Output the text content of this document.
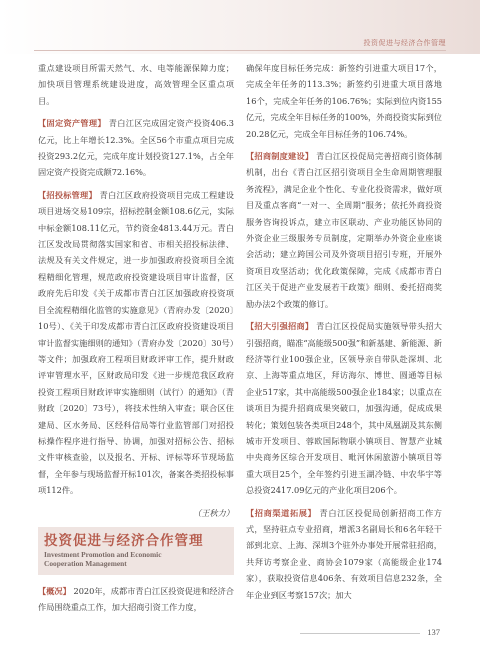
投资促进与经济合作管理

重点建设项目所需天然气、水、电等能源保障力度；加快项目管理系统建设进度，高效管理全区重点项目。

【固定资产管理】 青白江区完成固定资产投资406.3亿元，比上年增长12.3%。全区56个市重点项目完成投资293.2亿元，完成年度计划投资127.1%，占全年固定资产投资完成额72.16%。

【招投标管理】 青白江区政府投资项目完成工程建设项目进场交易109宗，招标控制金额108.6亿元，实际中标金额108.11亿元，节约资金4813.44万元。青白江区发改局贯彻落实国家和省、市相关招投标法律、法规及有关文件规定，进一步加强政府投资项目全流程精细化管理，规范政府投资建设项目审计监督，区政府先后印发《关于成都市青白江区加强政府投资项目全流程精细化监管的实施意见》（青府办发〔2020〕10号）、《关于印发成都市青白江区政府投资建设项目审计监督实施细则的通知》（青府办发〔2020〕30号）等文件；加强政府工程项目财政评审工作，提升财政评审管理水平，区财政局印发《进一步规范我区政府投资工程项目财政评审实施细则（试行）的通知》（青财政〔2020〕73号），将技术性纳入审查；联合区住建局、区水务局、区经科信局等行业监管部门对招投标操作程序进行指导、协调，加强对招标公告、招标文件审核查验，以及报名、开标、评标等环节现场监督，全年参与现场监督开标101次，备案各类招投标事项112件。

（王秋力）

投资促进与经济合作管理
Investment Promotion and Economic
Cooperation Management

【概况】 2020年，成都市青白江区投资促进和经济合作局围绕重点工作，加大招商引资工作力度，

确保年度目标任务完成：新签约引进重大项目17个，完成全年任务的113.3%；新签约引进重大项目落地16个，完成全年任务的106.76%；实际到位内资155亿元，完成全年目标任务的100%，外商投资实际到位20.28亿元，完成全年目标任务的106.74%。

【招商制度建设】 青白江区投促局完善招商引资体制机制，出台《青白江区招引资项目全生命周期管理服务流程》，满足企业个性化、专业化投资需求，做好项目及重点客商“一对一、全周期”服务；依托外商投资服务咨询投诉点，建立市区联动、产业功能区协同的外资企业三级服务专员制度，定期举办外资企业座谈会活动；建立跨国公司及外资项目招引专班，开展外资项目攻坚活动；优化政策保障，完成《成都市青白江区关于促进产业发展若干政策》细则、委托招商奖励办法2个政策的修订。

【招大引强招商】 青白江区投促局实施领导带头招大引强招商，瞄准“高能级500强”和新基建、新能源、新经济等行业100强企业，区领导亲自带队赴深圳、北京、上海等重点地区，拜访海尔、博世、圆通等目标企业517家，其中高能级500强企业184家；以重点在谈项目为提升招商成果突破口，加强沟通，促成成果转化；策划包装各类项目248个，其中凤凰湖及其东侧城市开发项目、蓉欧国际物联小镇项目、智慧产业城中央商务区综合开发项目、毗河休闲旅游小镇项目等重大项目25个，全年签约引进玉湖冷链、中农华宇等总投资2417.09亿元的产业化项目206个。

【招商渠道拓展】 青白江区投促局创新招商工作方式，坚持驻点专业招商，增派3名副局长和6名年轻干部到北京、上海、深圳3个驻外办事处开展常驻招商，共拜访考察企业、商协会1079家（高能级企业174家），获取投资信息406条、有效项目信息232条，全年企业到区考察157次；加大

137
